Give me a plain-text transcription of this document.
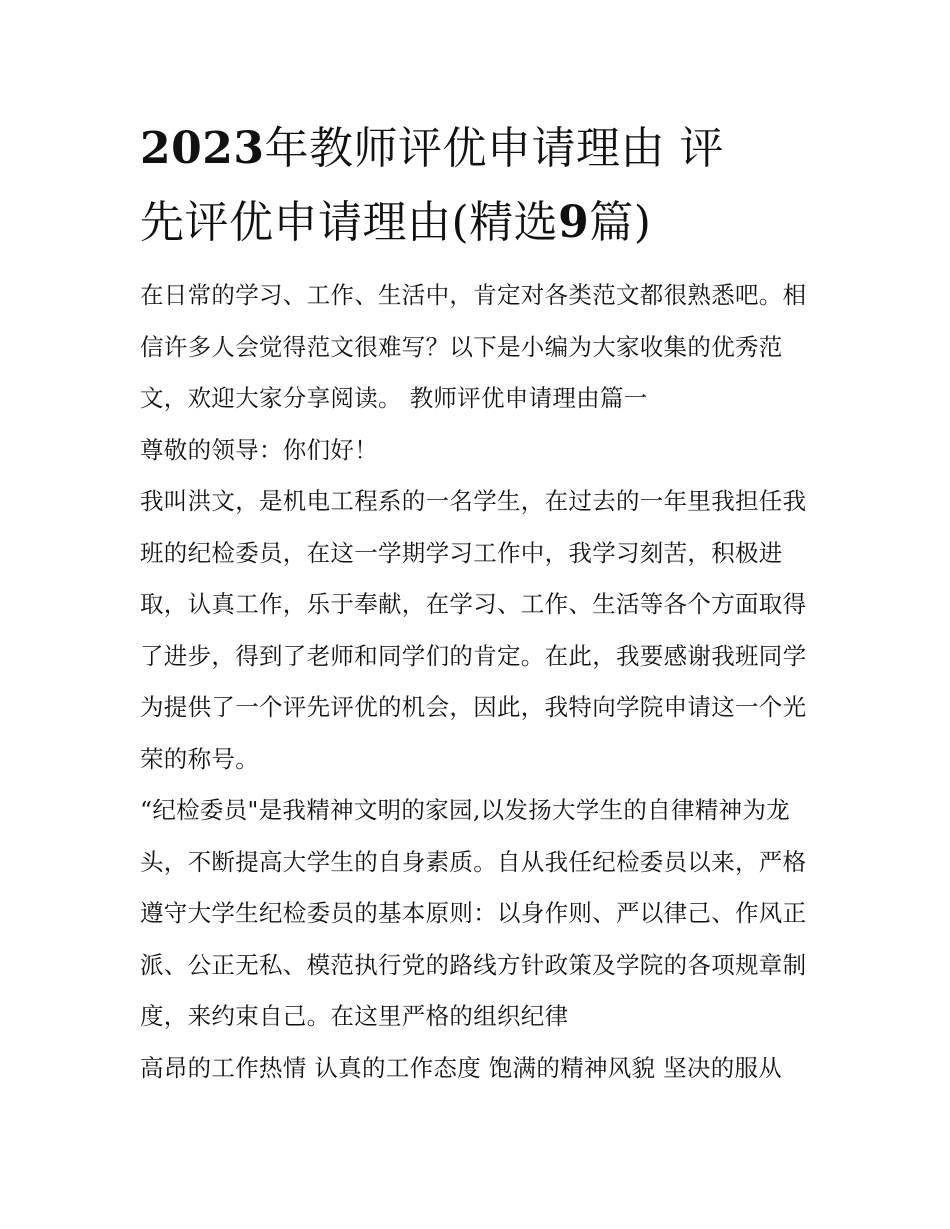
2023年教师评优申请理由 评
先评优申请理由(精选9篇)

在日常的学习、工作、生活中，肯定对各类范文都很熟悉吧。相信许多人会觉得范文很难写？以下是小编为大家收集的优秀范文，欢迎大家分享阅读。 教师评优申请理由篇一

尊敬的领导：你们好！

我叫洪文，是机电工程系的一名学生，在过去的一年里我担任我班的纪检委员，在这一学期学习工作中，我学习刻苦，积极进取，认真工作，乐于奉献，在学习、工作、生活等各个方面取得了进步，得到了老师和同学们的肯定。在此，我要感谢我班同学为提供了一个评先评优的机会，因此，我特向学院申请这一个光荣的称号。

“纪检委员"是我精神文明的家园,以发扬大学生的自律精神为龙头，不断提高大学生的自身素质。自从我任纪检委员以来，严格遵守大学生纪检委员的基本原则：以身作则、严以律己、作风正派、公正无私、模范执行党的路线方针政策及学院的各项规章制度，来约束自己。在这里严格的组织纪律

高昂的工作热情 认真的工作态度 饱满的精神风貌 坚决的服从
